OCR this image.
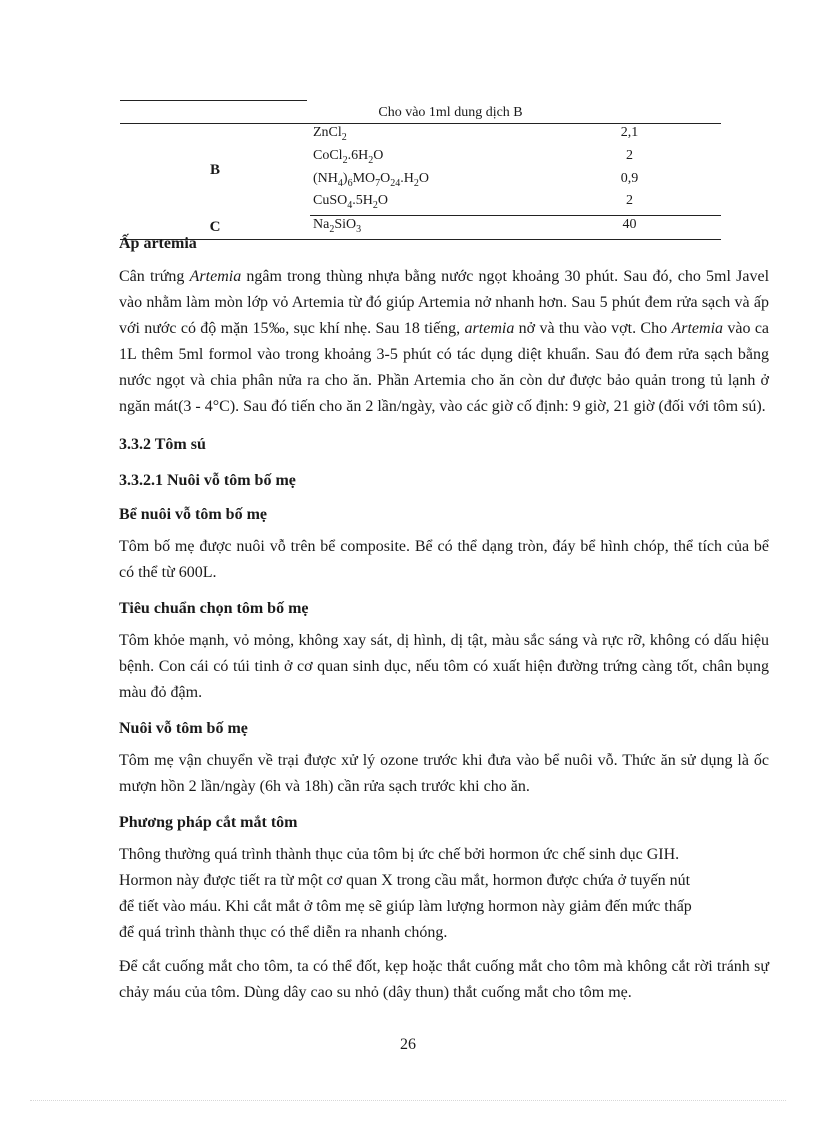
Cho vào 1ml dung dịch B		
B	ZnCl$_2$	2,1
	$CoCl_2.6H_2O$	2
	$(NH_4)_6MO_7O_{24}.H_2O$	0,9
	$CuSO_4.5H_2O$	2
C	$Na_2SiO_3$	40

Ấp artemia

Cân trứng Artemia ngâm trong thùng nhựa bằng nước ngọt khoảng 30 phút. Sau đó, cho 5ml Javel vào nhằm làm mòn lớp vỏ Artemia từ đó giúp Artemia nở nhanh hơn. Sau 5 phút đem rửa sạch và ấp với nước có độ mặn 15‰, sục khí nhẹ. Sau 18 tiếng, artemia nở và thu vào vợt. Cho Artemia vào ca 1L thêm 5ml formol vào trong khoảng 3-5 phút có tác dụng diệt khuẩn. Sau đó đem rửa sạch bằng nước ngọt và chia phân nửa ra cho ăn. Phần Artemia cho ăn còn dư được bảo quản trong tủ lạnh ở ngăn mát(3 - 4°C). Sau đó tiến cho ăn 2 lần/ngày, vào các giờ cố định: 9 giờ, 21 giờ (đối với tôm sú).

3.3.2 Tôm sú

3.3.2.1 Nuôi vỗ tôm bố mẹ

Bể nuôi vỗ tôm bố mẹ

Tôm bố mẹ được nuôi vỗ trên bể composite. Bể có thể dạng tròn, đáy bể hình chóp, thể tích của bể có thể từ 600L.

Tiêu chuẩn chọn tôm bố mẹ

Tôm khỏe mạnh, vỏ mỏng, không xay sát, dị hình, dị tật, màu sắc sáng và rực rỡ, không có dấu hiệu bệnh. Con cái có túi tinh ở cơ quan sinh dục, nếu tôm có xuất hiện đường trứng càng tốt, chân bụng màu đỏ đậm.

Nuôi vỗ tôm bố mẹ

Tôm mẹ vận chuyển về trại được xử lý ozone trước khi đưa vào bể nuôi vỗ. Thức ăn sử dụng là ốc mượn hồn 2 lần/ngày (6h và 18h) cần rửa sạch trước khi cho ăn.

Phương pháp cắt mắt tôm

Thông thường quá trình thành thục của tôm bị ức chế bởi hormon ức chế sinh dục GIH.

Hormon này được tiết ra từ một cơ quan X trong cầu mắt, hormon được chứa ở tuyến nút

để tiết vào máu. Khi cắt mắt ở tôm mẹ sẽ giúp làm lượng hormon này giảm đến mức thấp

để quá trình thành thục có thể diễn ra nhanh chóng.

Để cắt cuống mắt cho tôm, ta có thể đốt, kẹp hoặc thắt cuống mắt cho tôm mà không cắt rời tránh sự chảy máu của tôm. Dùng dây cao su nhỏ (dây thun) thắt cuống mắt cho tôm mẹ.

26
